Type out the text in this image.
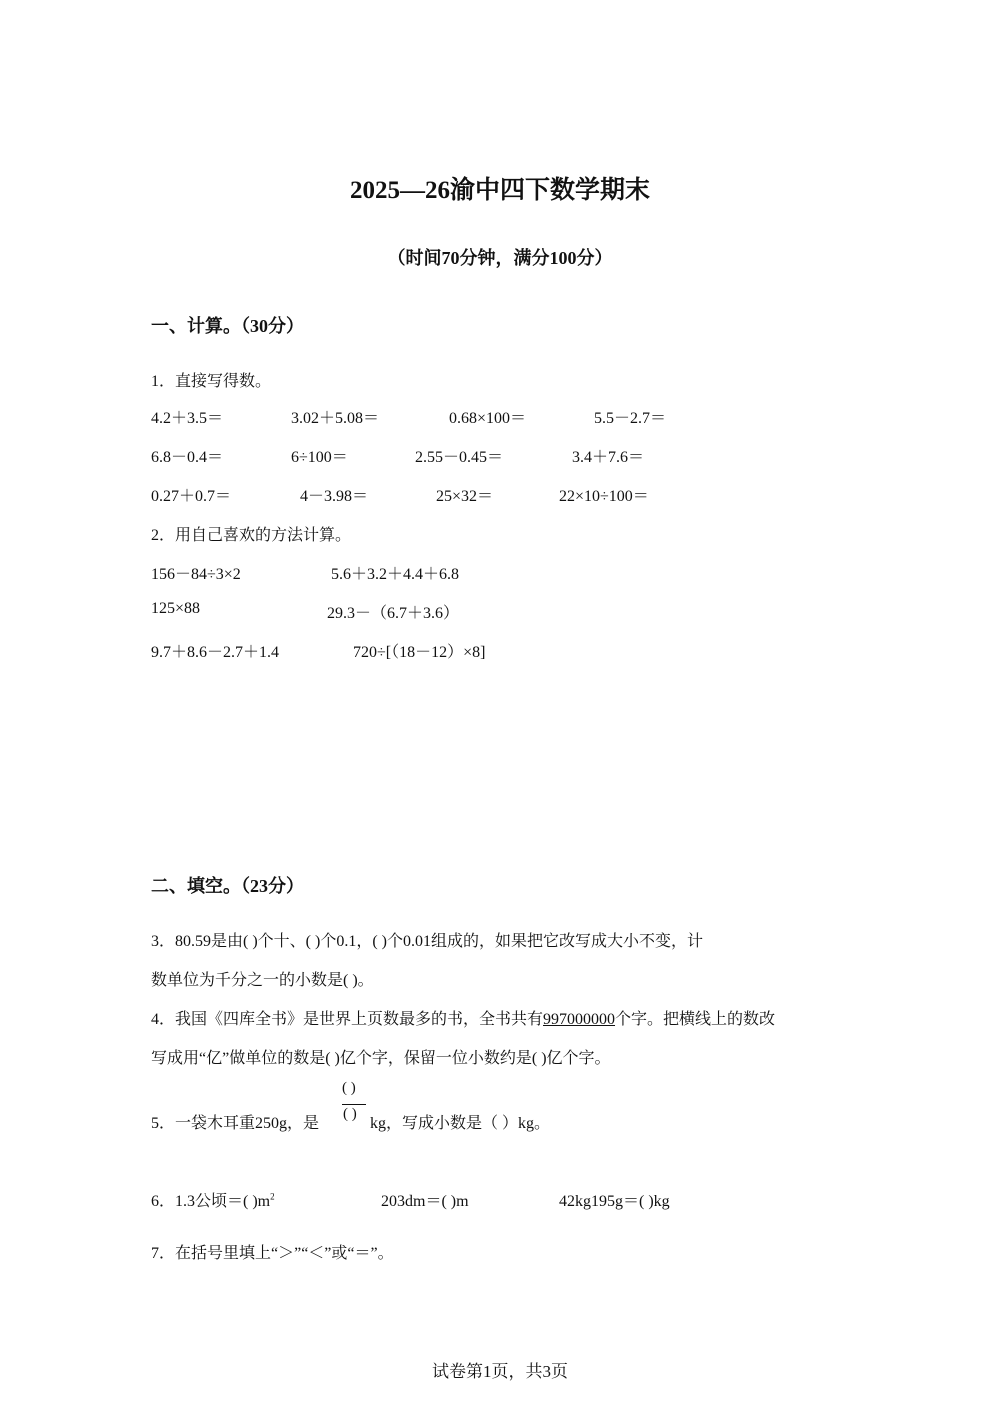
2025—26渝中四下数学期末
（时间70分钟，满分100分）
一、计算。（30分）
1．直接写得数。
4.2＋3.5＝	3.02＋5.08＝	0.68×100＝	5.5－2.7＝
6.8－0.4＝	6÷100＝	2.55－0.45＝	3.4＋7.6＝
0.27＋0.7＝	4－3.98＝	25×32＝	22×10÷100＝
2．用自己喜欢的方法计算。
156－84÷3×2	5.6＋3.2＋4.4＋6.8
125×88	29.3－（6.7＋3.6）
9.7＋8.6－2.7＋1.4	720÷[（18－12）×8]
二、填空。（23分）
3．80.59是由( )个十、( )个0.1，( )个0.01组成的，如果把它改写成大小不变，计
数单位为千分之一的小数是( )。
4．我国《四库全书》是世界上页数最多的书，全书共有997000000个字。把横线上的数改
写成用“亿”做单位的数是( )亿个字，保留一位小数约是( )亿个字。
5．一袋木耳重250g，是
( )
( )
kg，写成小数是（ ）kg。
6．1.3公顷＝( )$m^2$	203dm＝( )m	42kg195g＝( )kg
7．在括号里填上“＞”“＜”或“＝”。
试卷第1页，共3页
